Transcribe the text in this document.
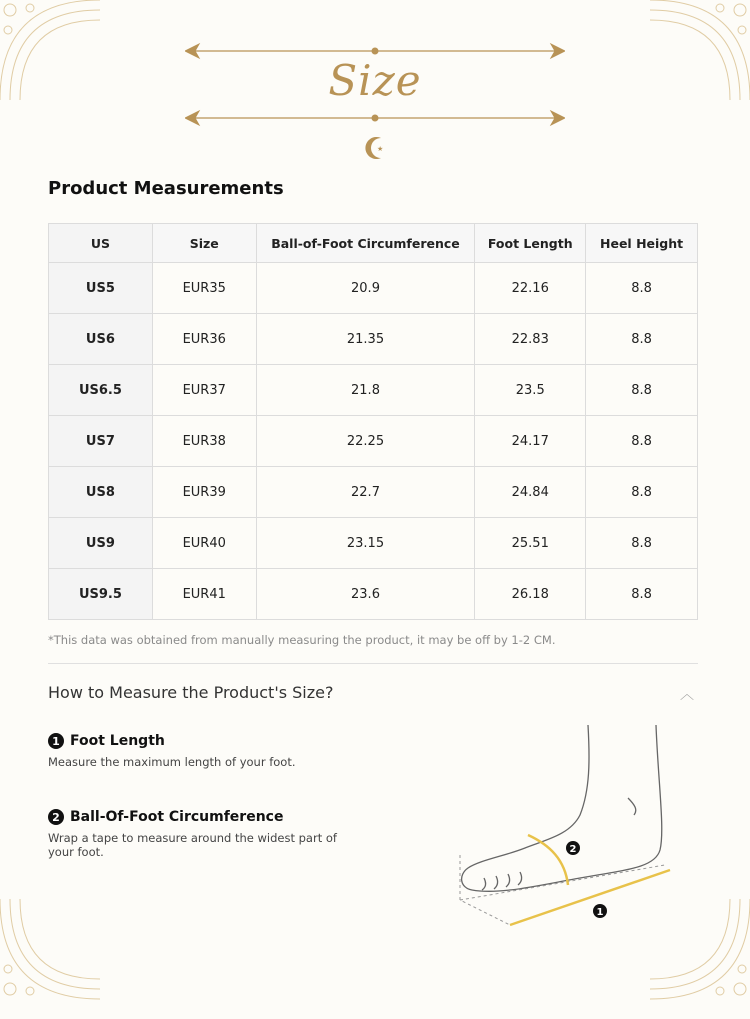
★
Size
Product Measurements
US	Size	Ball-of-Foot Circumference	Foot Length	Heel Height
US5	EUR35	20.9	22.16	8.8
US6	EUR36	21.35	22.83	8.8
US6.5	EUR37	21.8	23.5	8.8
US7	EUR38	22.25	24.17	8.8
US8	EUR39	22.7	24.84	8.8
US9	EUR40	23.15	25.51	8.8
US9.5	EUR41	23.6	26.18	8.8
*This data was obtained from manually measuring the product, it may be off by 1-2 CM.
How to Measure the Product's Size?	︿
1 Foot Length
Measure the maximum length of your foot.
2 Ball-Of-Foot Circumference
Wrap a tape to measure around the widest part of your foot.	2
1
